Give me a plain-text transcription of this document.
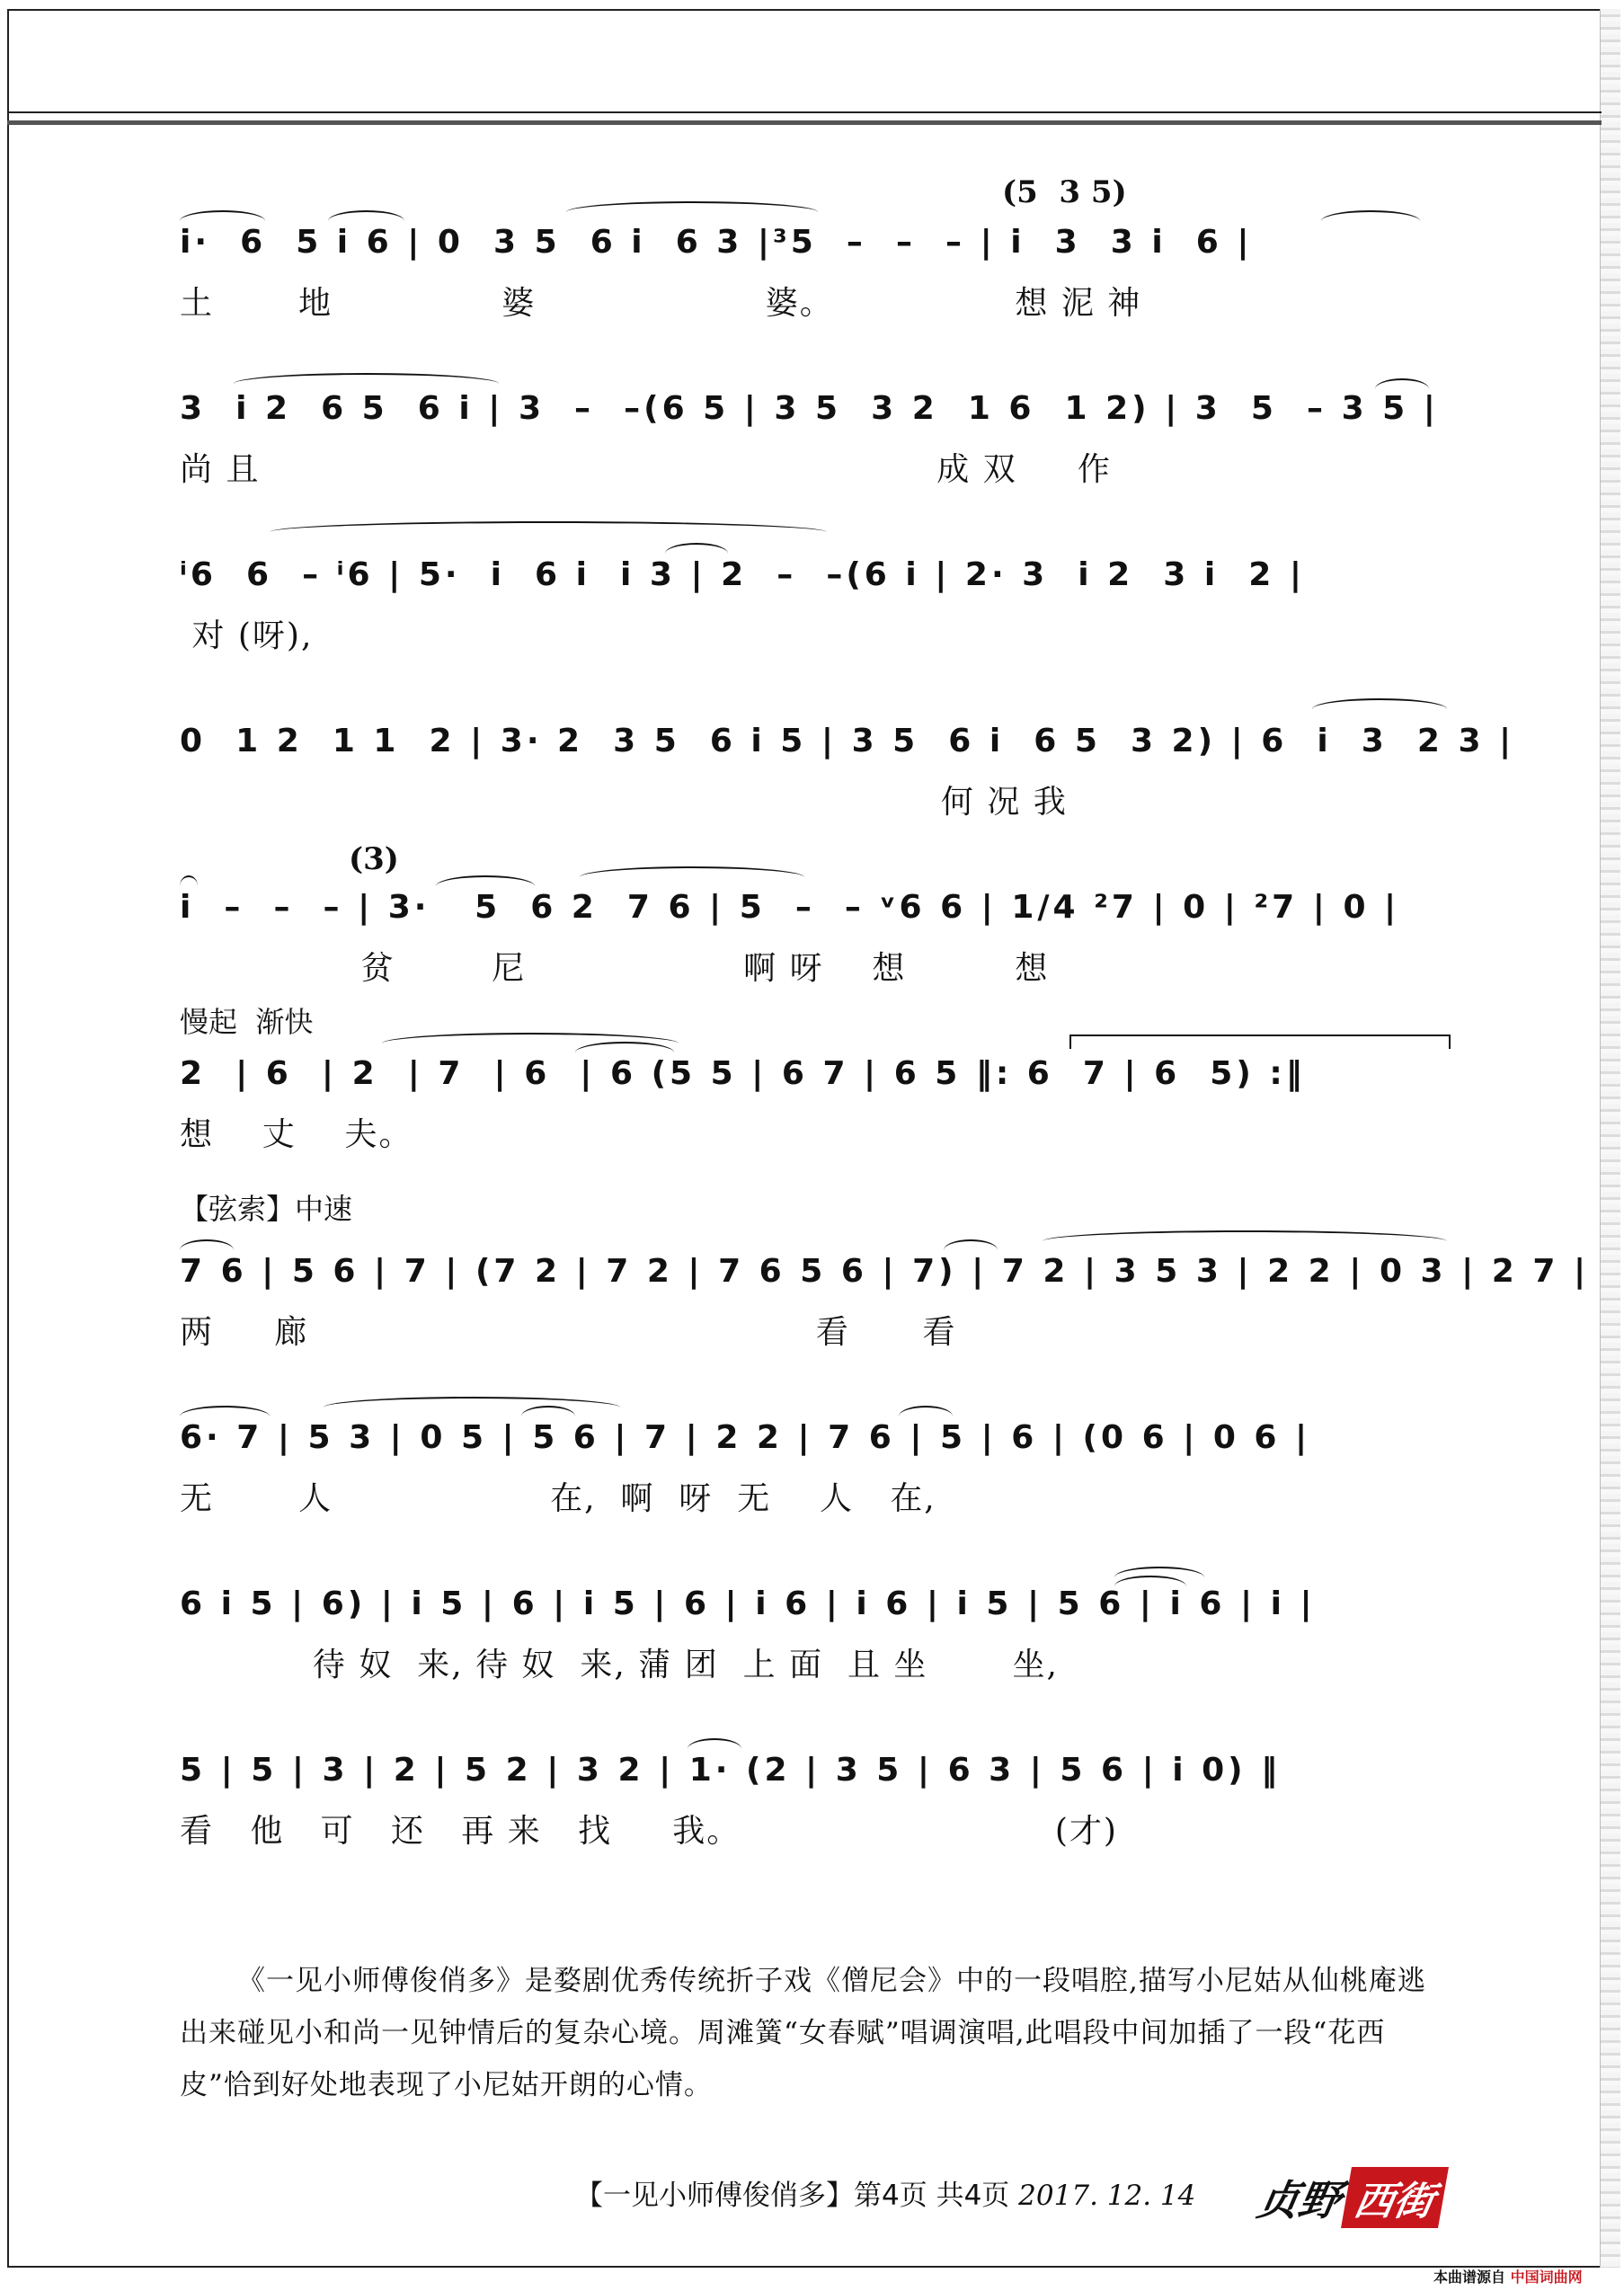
(5  3 5)
i·  6  5 i 6 | 0  3 5  6 i  6 3 |³5  –  –  – | i  3  3 i  6 |
土       地              婆                   婆。               想 泥 神
3  i 2  6 5  6 i | 3  –  –(6 5 | 3 5  3 2  1 6  1 2) | 3  5  – 3 5 |
尚 且                                                        成 双     作
ⁱ6  6  – ⁱ6 | 5·  i  6 i  i 3 | 2  –  –(6 i | 2· 3  i 2  3 i  2 |
对 (呀),
0  1 2  1 1  2 | 3· 2  3 5  6 i 5 | 3 5  6 i  6 5  3 2) | 6  i  3  2 3 |
何 况 我
(3)
i  –  –  – | 3·   5  6 2  7 6 | 5  –  – ᵛ6 6 | 1/4 ²7 | 0 | ²7 | 0 |
贫        尼                  啊 呀    想         想
慢起  渐快
2  | 6  | 2  | 7  | 6  | 6 (5 5 | 6 7 | 6 5 ‖: 6  7 | 6  5) :‖
想    丈    夫。
【弦索】中速
7 6 | 5 6 | 7 | (7 2 | 7 2 | 7 6 5 6 | 7) | 7 2 | 3 5 3 | 2 2 | 0 3 | 2 7 |
两     廊                                          看      看
6· 7 | 5 3 | 0 5 | 5 6 | 7 | 2 2 | 7 6 | 5 | 6 | (0 6 | 0 6 |
无       人                  在,  啊  呀  无    人   在,
6 i 5 | 6) | i 5 | 6 | i 5 | 6 | i 6 | i 6 | i 5 | 5 6 | i 6 | i |
待 奴  来, 待 奴  来, 蒲 团  上 面  且 坐       坐,
5 | 5 | 3 | 2 | 5 2 | 3 2 | 1· (2 | 3 5 | 6 3 | 5 6 | i 0) ‖
看   他   可   还   再 来   找     我。                          (才)
《一见小师傅俊俏多》是婺剧优秀传统折子戏《僧尼会》中的一段唱腔,描写小尼姑从仙桃庵逃出来碰见小和尚一见钟情后的复杂心境。周滩簧“女春赋”唱调演唱,此唱段中间加插了一段“花西皮”恰到好处地表现了小尼姑开朗的心情。
【一见小师傅俊俏多】第4页 共4页 2017. 12. 14 贞野 西街
本曲谱源自 中国词曲网
